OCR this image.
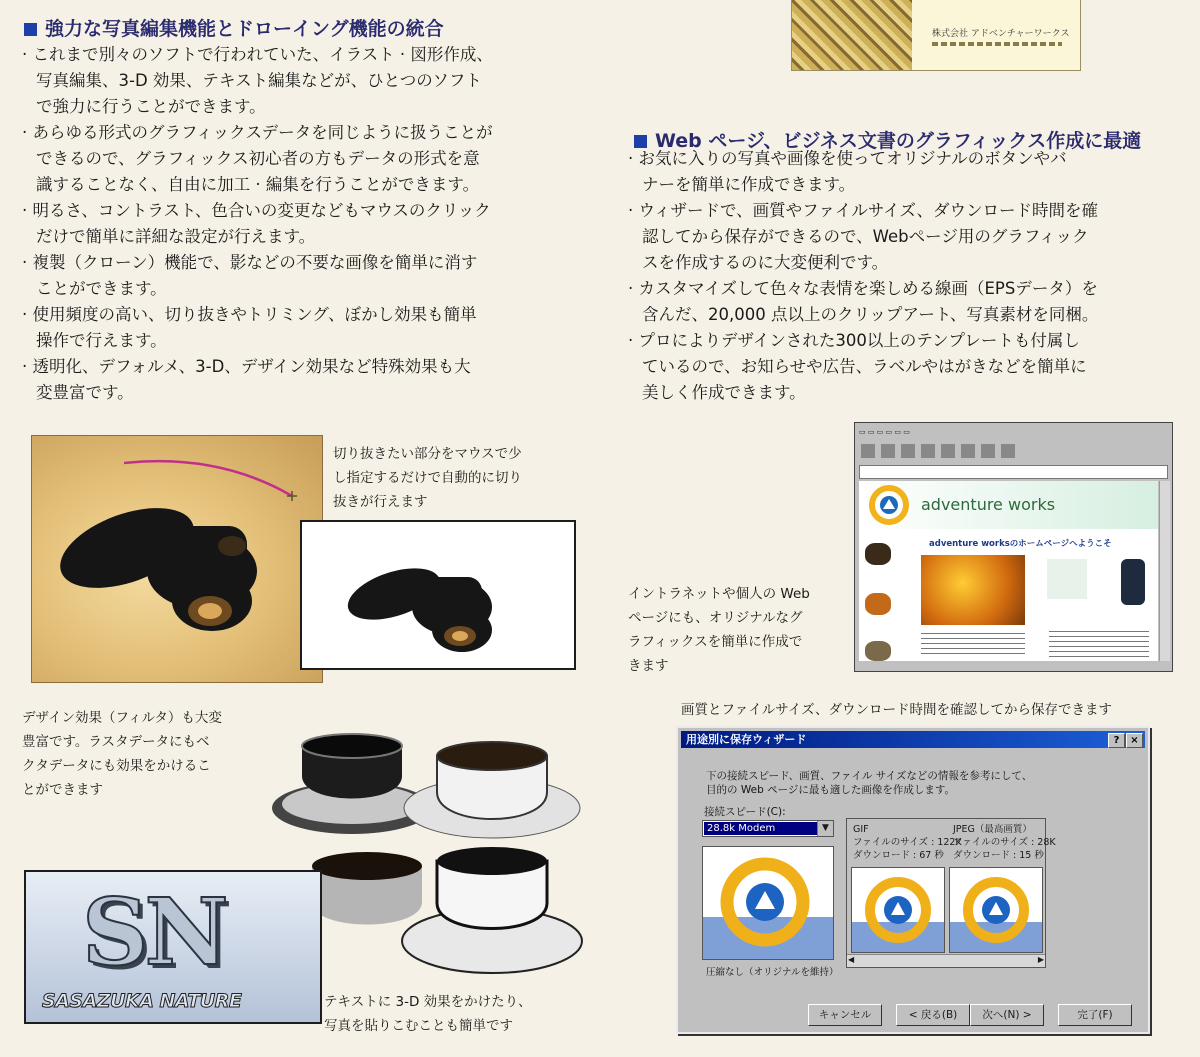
強力な写真編集機能とドローイング機能の統合
· これまで別々のソフトで行われていた、イラスト · 図形作成、
写真編集、3-D 効果、テキスト編集などが、ひとつのソフト
で強力に行うことができます。
· あらゆる形式のグラフィックスデータを同じように扱うことが
できるので、グラフィックス初心者の方もデータの形式を意
識することなく、自由に加工 · 編集を行うことができます。
· 明るさ、コントラスト、色合いの変更などもマウスのクリック
だけで簡単に詳細な設定が行えます。
· 複製（クローン）機能で、影などの不要な画像を簡単に消す
ことができます。
· 使用頻度の高い、切り抜きやトリミング、ぼかし効果も簡単
操作で行えます。
· 透明化、デフォルメ、3-D、デザイン効果など特殊効果も大
変豊富です。
株式会社 アドベンチャーワークス
Web ページ、ビジネス文書のグラフィックス作成に最適
· お気に入りの写真や画像を使ってオリジナルのボタンやバ
ナーを簡単に作成できます。
· ウィザードで、画質やファイルサイズ、ダウンロード時間を確
認してから保存ができるので、Webページ用のグラフィック
スを作成するのに大変便利です。
· カスタマイズして色々な表情を楽しめる線画（EPSデータ）を
含んだ、20,000 点以上のクリップアート、写真素材を同梱。
· プロによりデザインされた300以上のテンプレートも付属し
ているので、お知らせや広告、ラベルやはがきなどを簡単に
美しく作成できます。
切り抜きたい部分をマウスで少
し指定するだけで自動的に切り
抜きが行えます
イントラネットや個人の Web
ページにも、オリジナルなグ
ラフィックスを簡単に作成で
きます
▭ ▭ ▭ ▭ ▭ ▭
adventure works
adventure worksのホームページへようこそ
デザイン効果（フィルタ）も大変
豊富です。ラスタデータにもベ
クタデータにも効果をかけるこ
とができます
SN
SASAZUKA NATURE	テキストに 3-D 効果をかけたり、
写真を貼りこむことも簡単です
画質とファイルサイズ、ダウンロード時間を確認してから保存できます
用途別に保存ウィザード	?	×
下の接続スピード、画質、ファイル サイズなどの情報を参考にして、
目的の Web ページに最も適した画像を作成します。
接続スピード(C):
28.8k Modem	▼
圧縮なし（オリジナルを維持）
GIF
ファイルのサイズ : 122K
ダウンロード : 67 秒
JPEG（最高画質）
ファイルのサイズ : 28K
ダウンロード : 15 秒
◀	▶
キャンセル	< 戻る(B)	次へ(N) >	完了(F)
